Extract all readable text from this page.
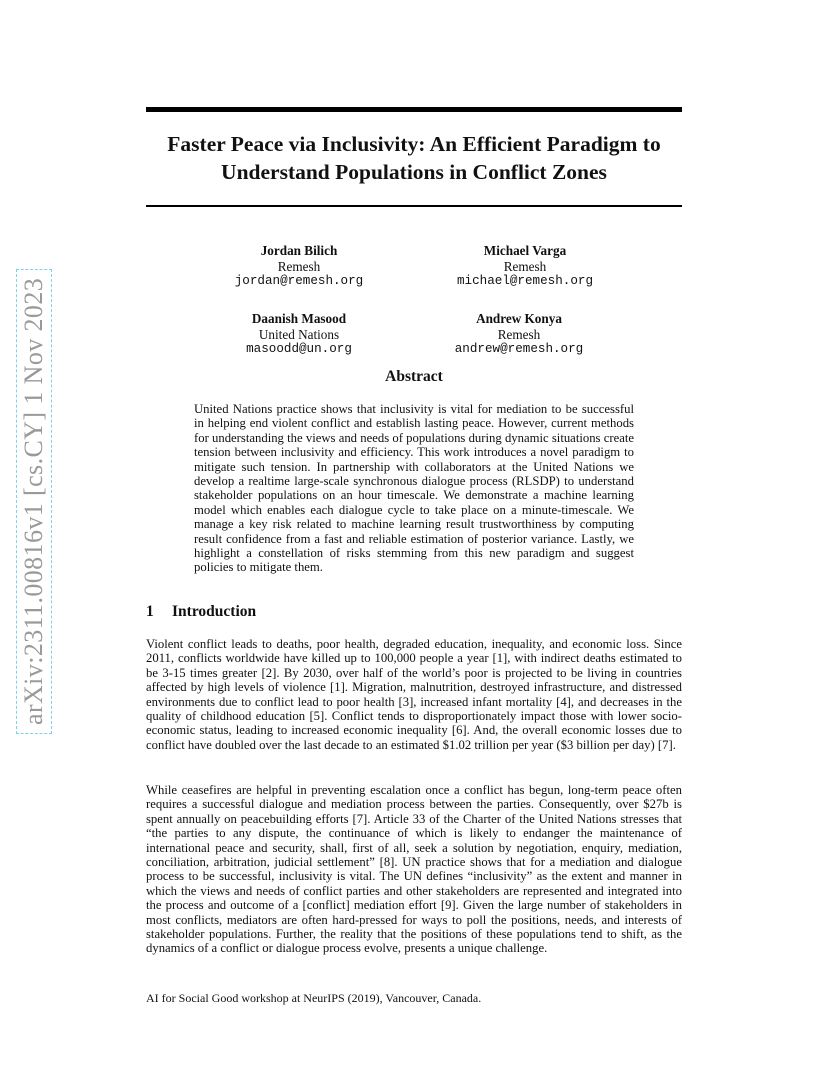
arXiv:2311.00816v1 [cs.CY] 1 Nov 2023
Faster Peace via Inclusivity: An Efficient Paradigm to Understand Populations in Conflict Zones
Jordan Bilich
Remesh
jordan@remesh.org
Michael Varga
Remesh
michael@remesh.org
Daanish Masood
United Nations
masoodd@un.org
Andrew Konya
Remesh
andrew@remesh.org
Abstract

United Nations practice shows that inclusivity is vital for mediation to be successful in helping end violent conflict and establish lasting peace. However, current methods for understanding the views and needs of populations during dynamic situations create tension between inclusivity and efficiency. This work introduces a novel paradigm to mitigate such tension. In partnership with collaborators at the United Nations we develop a realtime large-scale synchronous dialogue process (RLSDP) to understand stakeholder populations on an hour timescale. We demonstrate a machine learning model which enables each dialogue cycle to take place on a minute-timescale. We manage a key risk related to machine learning result trustworthiness by computing result confidence from a fast and reliable estimation of posterior variance. Lastly, we highlight a constellation of risks stemming from this new paradigm and suggest policies to mitigate them.

1 Introduction

Violent conflict leads to deaths, poor health, degraded education, inequality, and economic loss. Since 2011, conflicts worldwide have killed up to 100,000 people a year [1], with indirect deaths estimated to be 3-15 times greater [2]. By 2030, over half of the world’s poor is projected to be living in countries affected by high levels of violence [1]. Migration, malnutrition, destroyed infrastructure, and distressed environments due to conflict lead to poor health [3], increased infant mortality [4], and decreases in the quality of childhood education [5]. Conflict tends to disproportionately impact those with lower socio-economic status, leading to increased economic inequality [6]. And, the overall economic losses due to conflict have doubled over the last decade to an estimated $1.02 trillion per year ($3 billion per day) [7].

While ceasefires are helpful in preventing escalation once a conflict has begun, long-term peace often requires a successful dialogue and mediation process between the parties. Consequently, over $27b is spent annually on peacebuilding efforts [7]. Article 33 of the Charter of the United Nations stresses that “the parties to any dispute, the continuance of which is likely to endanger the maintenance of international peace and security, shall, first of all, seek a solution by negotiation, enquiry, mediation, conciliation, arbitration, judicial settlement” [8]. UN practice shows that for a mediation and dialogue process to be successful, inclusivity is vital. The UN defines “inclusivity” as the extent and manner in which the views and needs of conflict parties and other stakeholders are represented and integrated into the process and outcome of a [conflict] mediation effort [9]. Given the large number of stakeholders in most conflicts, mediators are often hard-pressed for ways to poll the positions, needs, and interests of stakeholder populations. Further, the reality that the positions of these populations tend to shift, as the dynamics of a conflict or dialogue process evolve, presents a unique challenge.

AI for Social Good workshop at NeurIPS (2019), Vancouver, Canada.
